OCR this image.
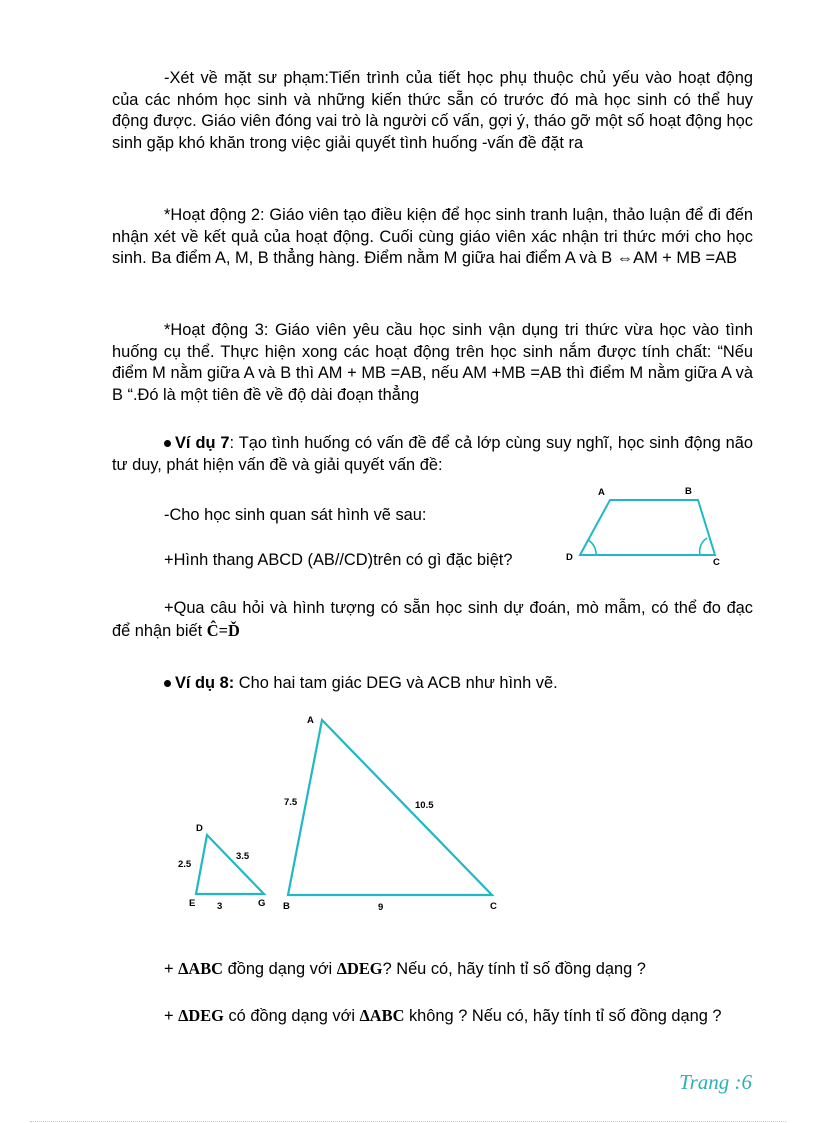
-Xét về mặt sư phạm:Tiến trình của tiết học phụ thuộc chủ yếu vào hoạt động của các nhóm học sinh và những kiến thức sẵn có trước đó mà học sinh có thể huy động được. Giáo viên đóng vai trò là người cố vấn, gợi ý, tháo gỡ một số hoạt động học sinh gặp khó khăn trong việc giải quyết tình huống -vấn đề đặt ra

*Hoạt động 2: Giáo viên tạo điều kiện để học sinh tranh luận, thảo luận để đi đến nhận xét về kết quả của hoạt động. Cuối cùng giáo viên xác nhận tri thức mới cho học sinh. Ba điểm A, M, B thẳng hàng. Điểm nằm M giữa hai điểm A và B ⇔AM + MB =AB

*Hoạt động 3: Giáo viên yêu cầu học sinh vận dụng tri thức vừa học vào tình huống cụ thể. Thực hiện xong các hoạt động trên học sinh nắm được tính chất: “Nếu điểm M nằm giữa A và B thì AM + MB =AB, nếu AM +MB =AB thì điểm M nằm giữa A và B “.Đó là một tiên đề về độ dài đoạn thẳng

Ví dụ 7: Tạo tình huống có vấn đề để cả lớp cùng suy nghĩ, học sinh động não tư duy, phát hiện vấn đề và giải quyết vấn đề:

-Cho học sinh quan sát hình vẽ sau:

+Hình thang ABCD (AB//CD)trên có gì đặc biệt?

A	B
D	C

+Qua câu hỏi và hình tượng có sẵn học sinh dự đoán, mò mẫm, có thể đo đạc để nhận biết Ĉ=Ď

Ví dụ 8: Cho hai tam giác DEG và ACB như hình vẽ.

D
E	G
2.5
3.5
3
A
B	C
7.5	10.5
9

+ ΔABC đồng dạng với ΔDEG? Nếu có, hãy tính tỉ số đồng dạng ?

+ ΔDEG có đồng dạng với ΔABC không ? Nếu có, hãy tính tỉ số đồng dạng ?

Trang :6
